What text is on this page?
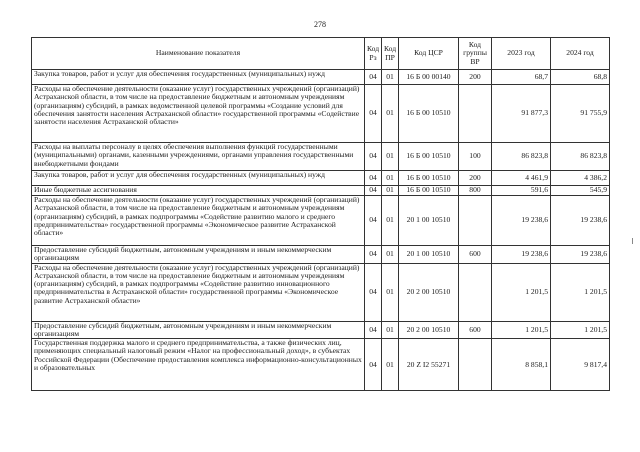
278
Наименование показателя	Код Рз	Код ПР	Код ЦСР	Код группы ВР	2023 год	2024 год
Закупка товаров, работ и услуг для обеспечения государственных (муниципальных) нужд	04	01	16 Б 00 00140	200	68,7	68,8
Расходы на обеспечение деятельности (оказание услуг) государственных учреждений (организаций) Астраханской области, в том числе на предоставление бюджетным и автономным учреждениям (организациям) субсидий, в рамках ведомственной целевой программы «Создание условий для обеспечения занятости населения Астраханской области» государственной программы «Содействие занятости населения Астраханской области»	04	01	16 Б 00 10510		91 877,3	91 755,9
Расходы на выплаты персоналу в целях обеспечения выполнения функций государственными (муниципальными) органами, казенными учреждениями, органами управления государственными внебюджетными фондами	04	01	16 Б 00 10510	100	86 823,8	86 823,8
Закупка товаров, работ и услуг для обеспечения государственных (муниципальных) нужд	04	01	16 Б 00 10510	200	4 461,9	4 386,2
Иные бюджетные ассигнования	04	01	16 Б 00 10510	800	591,6	545,9
Расходы на обеспечение деятельности (оказание услуг) государственных учреждений (организаций) Астраханской области, в том числе на предоставление бюджетным и автономным учреждениям (организациям) субсидий, в рамках подпрограммы «Содействие развитию малого и среднего предпринимательства» государственной программы «Экономическое развитие Астраханской области»	04	01	20 1 00 10510		19 238,6	19 238,6
Предоставление субсидий бюджетным, автономным учреждениям и иным некоммерческим организациям	04	01	20 1 00 10510	600	19 238,6	19 238,6
Расходы на обеспечение деятельности (оказание услуг) государственных учреждений (организаций) Астраханской области, в том числе на предоставление бюджетным и автономным учреждениям (организациям) субсидий, в рамках подпрограммы «Содействие развитию инновационного предпринимательства в Астраханской области» государственной программы «Экономическое развитие Астраханской области»	04	01	20 2 00 10510		1 201,5	1 201,5
Предоставление субсидий бюджетным, автономным учреждениям и иным некоммерческим организациям	04	01	20 2 00 10510	600	1 201,5	1 201,5
Государственная поддержка малого и среднего предпринимательства, а также физических лиц, применяющих специальный налоговый режим «Налог на профессиональный доход», в субъектах Российской Федерации (Обеспечение предоставления комплекса информационно-консультационных и образовательных	04	01	20 Z I2 55271		8 858,1	9 817,4
